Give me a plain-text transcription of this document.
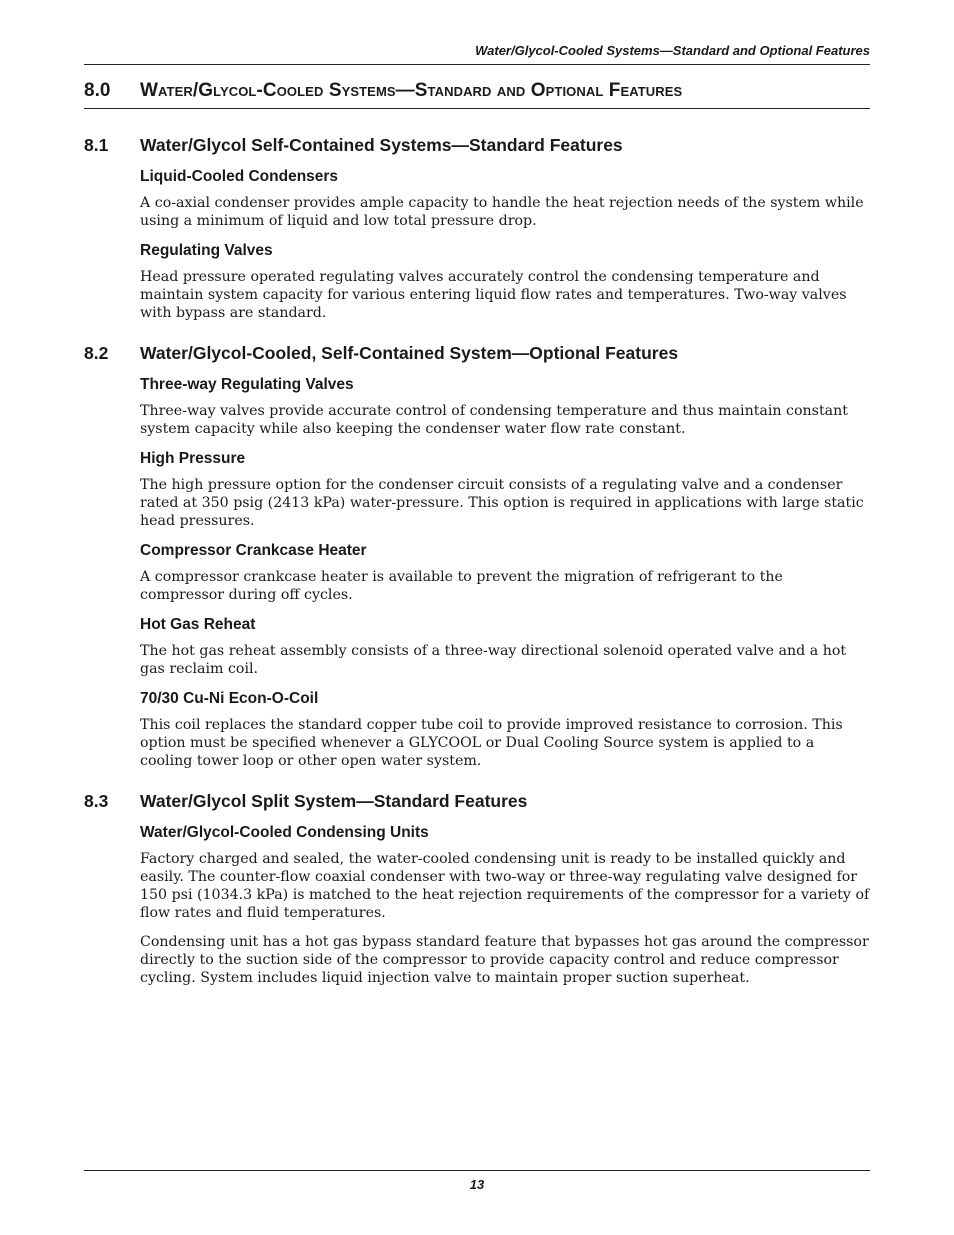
Water/Glycol-Cooled Systems—Standard and Optional Features
8.0 Water/Glycol-Cooled Systems—Standard and Optional Features
8.1	Water/Glycol Self-Contained Systems—Standard Features
Liquid-Cooled Condensers

A co-axial condenser provides ample capacity to handle the heat rejection needs of the system while using a minimum of liquid and low total pressure drop.

Regulating Valves

Head pressure operated regulating valves accurately control the condensing temperature and maintain system capacity for various entering liquid flow rates and temperatures. Two-way valves with bypass are standard.

8.2	Water/Glycol-Cooled, Self-Contained System—Optional Features
Three-way Regulating Valves

Three-way valves provide accurate control of condensing temperature and thus maintain constant system capacity while also keeping the condenser water flow rate constant.

High Pressure

The high pressure option for the condenser circuit consists of a regulating valve and a condenser rated at 350 psig (2413 kPa) water-pressure. This option is required in applications with large static head pressures.

Compressor Crankcase Heater

A compressor crankcase heater is available to prevent the migration of refrigerant to the compressor during off cycles.

Hot Gas Reheat

The hot gas reheat assembly consists of a three-way directional solenoid operated valve and a hot gas reclaim coil.

70/30 Cu-Ni Econ-O-Coil

This coil replaces the standard copper tube coil to provide improved resistance to corrosion. This option must be specified whenever a GLYCOOL or Dual Cooling Source system is applied to a cooling tower loop or other open water system.

8.3	Water/Glycol Split System—Standard Features
Water/Glycol-Cooled Condensing Units

Factory charged and sealed, the water-cooled condensing unit is ready to be installed quickly and easily. The counter-flow coaxial condenser with two-way or three-way regulating valve designed for 150 psi (1034.3 kPa) is matched to the heat rejection requirements of the compressor for a variety of flow rates and fluid temperatures.

Condensing unit has a hot gas bypass standard feature that bypasses hot gas around the compressor directly to the suction side of the compressor to provide capacity control and reduce compressor cycling. System includes liquid injection valve to maintain proper suction superheat.

13
